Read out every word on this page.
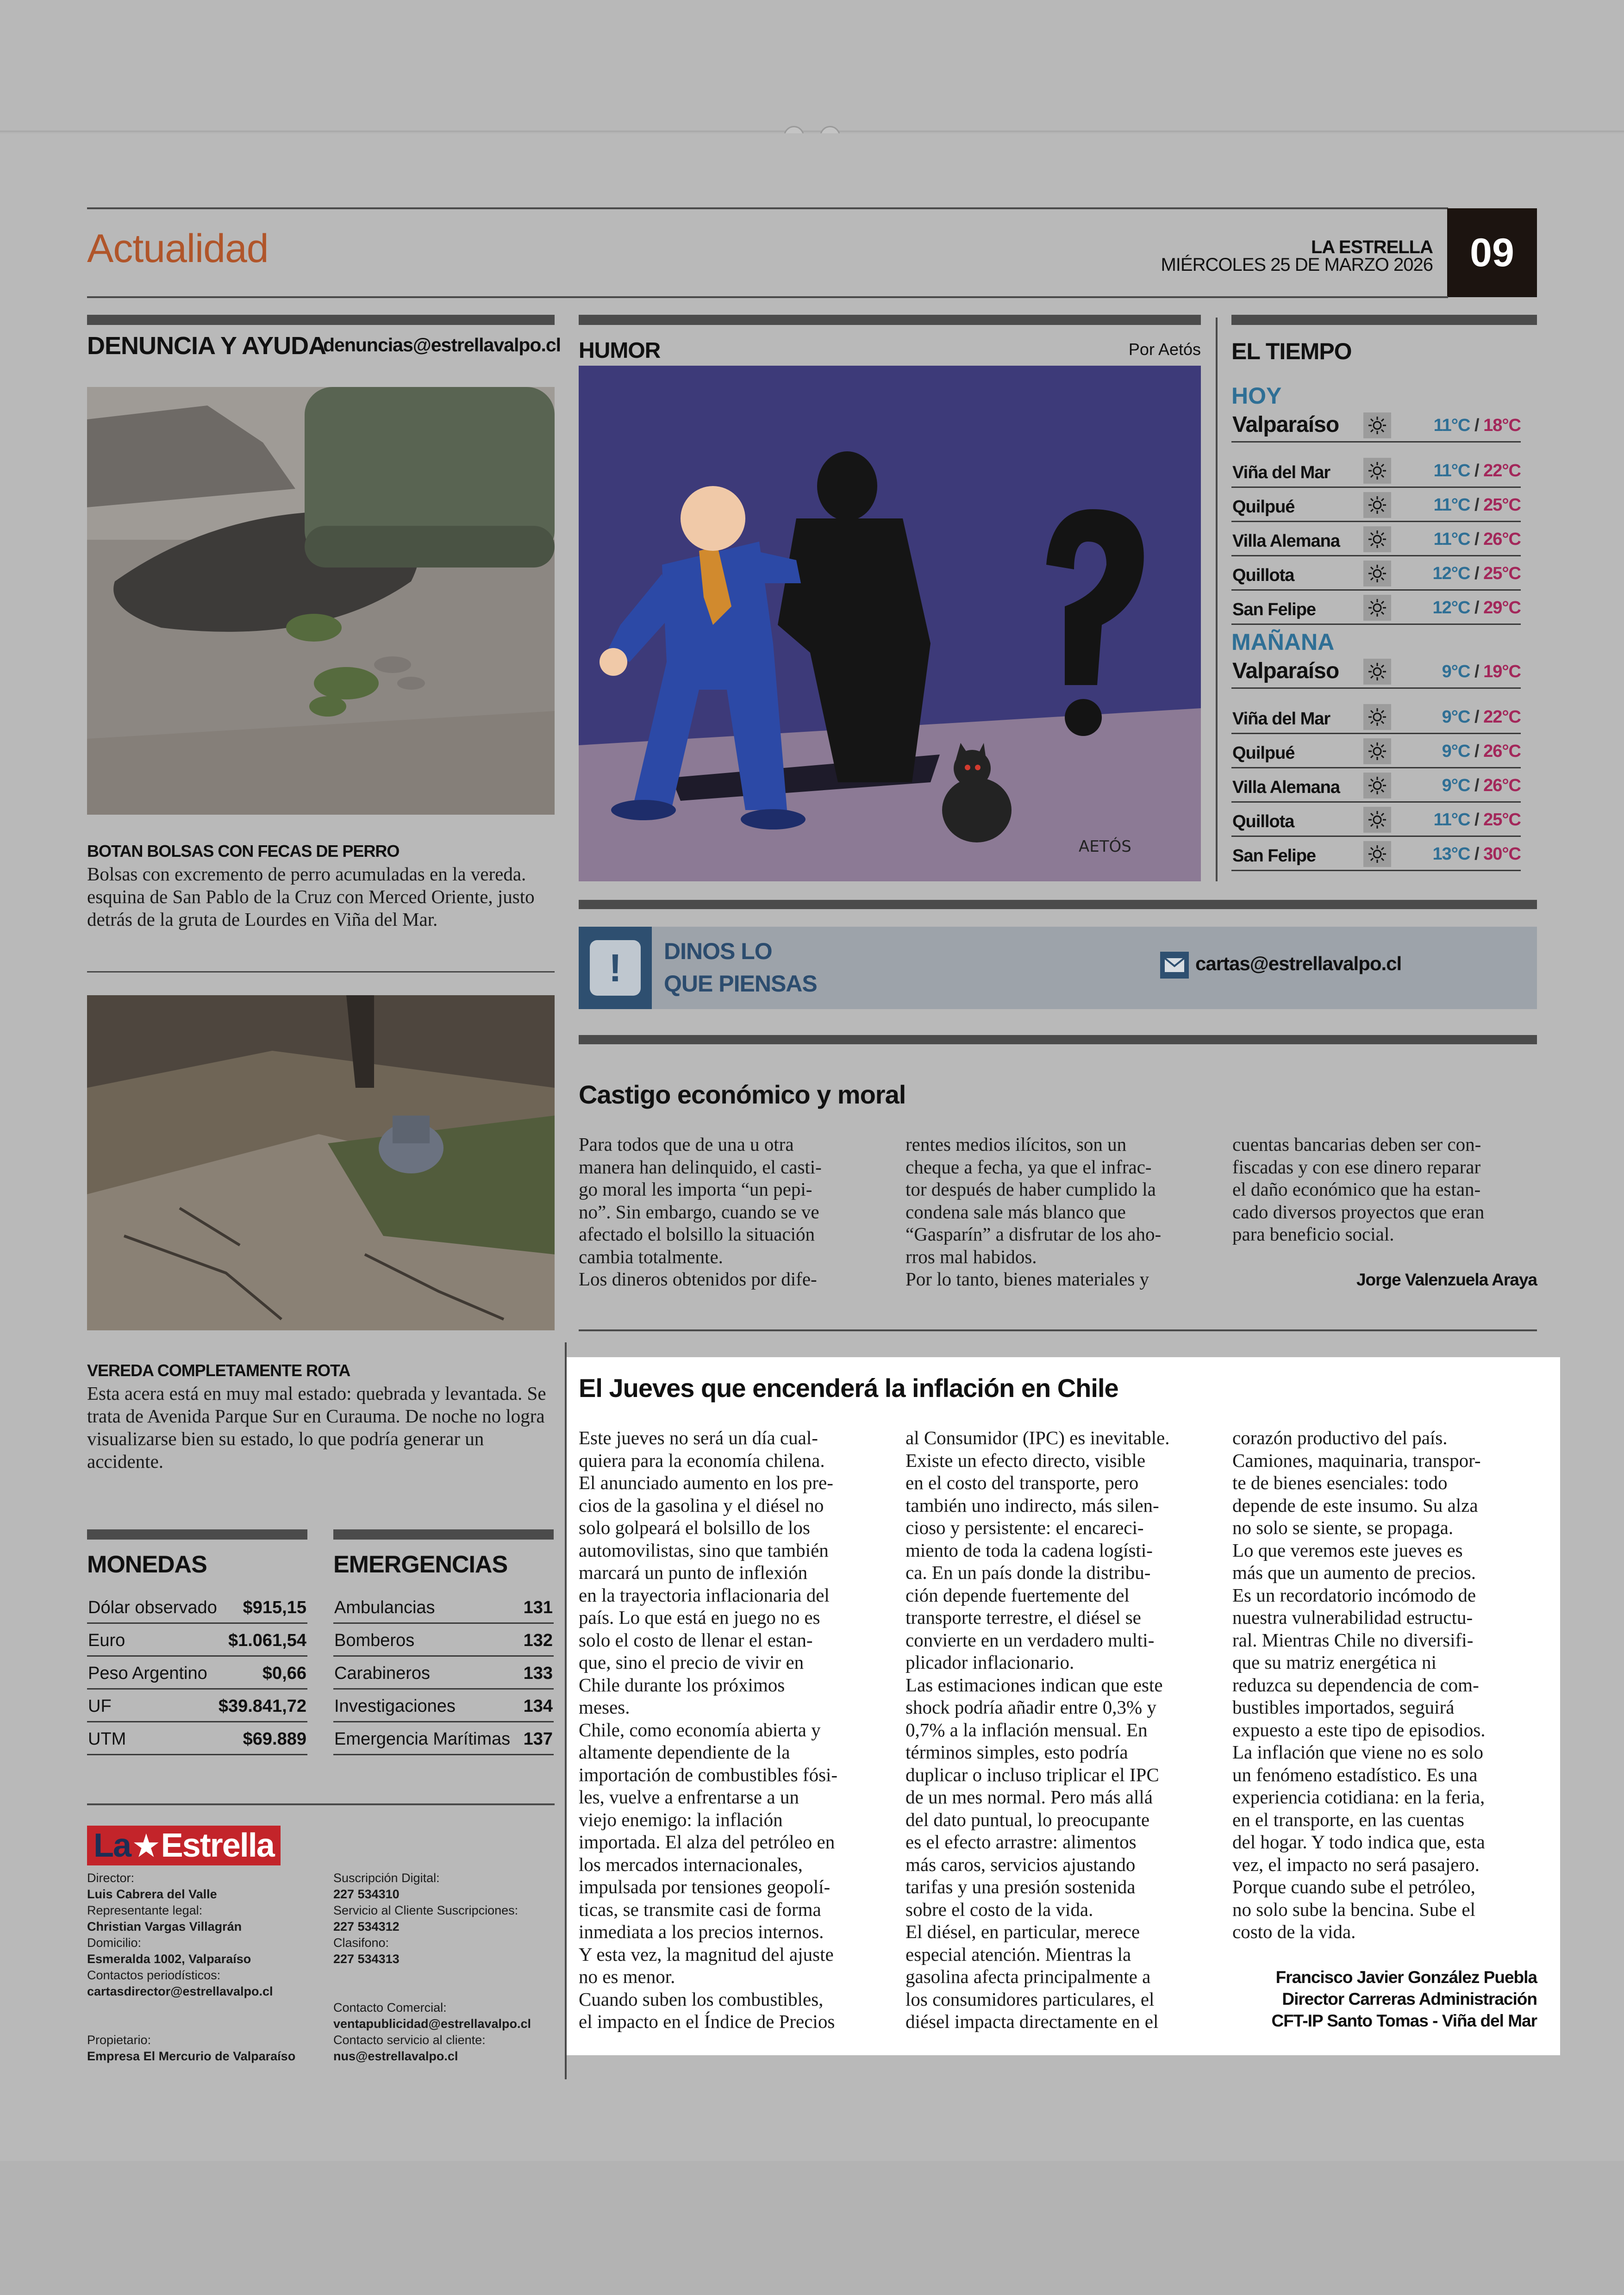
Actualidad	LA ESTRELLA
MIÉRCOLES 25 DE MARZO 2026 09
DENUNCIA Y AYUDA
denuncias@estrellavalpo.cl
BOTAN BOLSAS CON FECAS DE PERRO
Bolsas con excremento de perro acumuladas en la vereda. esquina de San Pablo de la Cruz con Merced Oriente, justo detrás de la gruta de Lourdes en Viña del Mar.
VEREDA COMPLETAMENTE ROTA
Esta acera está en muy mal estado: quebrada y levantada. Se trata de Avenida Parque Sur en Curauma. De noche no logra visualizarse bien su estado, lo que podría generar un accidente.
HUMOR	Por Aetós
AETÓS
EL TIEMPO
HOY
MAÑANA
Valparaíso	11°C / 18°C
Viña del Mar	11°C / 22°C
Quilpué	11°C / 25°C
Villa Alemana	11°C / 26°C
Quillota	12°C / 25°C
San Felipe	12°C / 29°C
Valparaíso	9°C / 19°C
Viña del Mar	9°C / 22°C
Quilpué	9°C / 26°C
Villa Alemana	9°C / 26°C
Quillota	11°C / 25°C
San Felipe	13°C / 30°C
!	DINOS LO
QUE PIENSAS
cartas@estrellavalpo.cl
Castigo económico y moral
Para todos que de una u otra
manera han delinquido, el casti-
go moral les importa “un pepi-
no”. Sin embargo, cuando se ve
afectado el bolsillo la situación
cambia totalmente.
Los dineros obtenidos por dife-
rentes medios ilícitos, son un
cheque a fecha, ya que el infrac-
tor después de haber cumplido la
condena sale más blanco que
“Gasparín” a disfrutar de los aho-
rros mal habidos.
Por lo tanto, bienes materiales y
cuentas bancarias deben ser con-
fiscadas y con ese dinero reparar
el daño económico que ha estan-
cado diversos proyectos que eran
para beneficio social.
Jorge Valenzuela Araya
El Jueves que encenderá la inflación en Chile
Este jueves no será un día cual-
quiera para la economía chilena.
El anunciado aumento en los pre-
cios de la gasolina y el diésel no
solo golpeará el bolsillo de los
automovilistas, sino que también
marcará un punto de inflexión
en la trayectoria inflacionaria del
país. Lo que está en juego no es
solo el costo de llenar el estan-
que, sino el precio de vivir en
Chile durante los próximos
meses.
Chile, como economía abierta y
altamente dependiente de la
importación de combustibles fósi-
les, vuelve a enfrentarse a un
viejo enemigo: la inflación
importada. El alza del petróleo en
los mercados internacionales,
impulsada por tensiones geopolí-
ticas, se transmite casi de forma
inmediata a los precios internos.
Y esta vez, la magnitud del ajuste
no es menor.
Cuando suben los combustibles,
el impacto en el Índice de Precios
al Consumidor (IPC) es inevitable.
Existe un efecto directo, visible
en el costo del transporte, pero
también uno indirecto, más silen-
cioso y persistente: el encareci-
miento de toda la cadena logísti-
ca. En un país donde la distribu-
ción depende fuertemente del
transporte terrestre, el diésel se
convierte en un verdadero multi-
plicador inflacionario.
Las estimaciones indican que este
shock podría añadir entre 0,3% y
0,7% a la inflación mensual. En
términos simples, esto podría
duplicar o incluso triplicar el IPC
de un mes normal. Pero más allá
del dato puntual, lo preocupante
es el efecto arrastre: alimentos
más caros, servicios ajustando
tarifas y una presión sostenida
sobre el costo de la vida.
El diésel, en particular, merece
especial atención. Mientras la
gasolina afecta principalmente a
los consumidores particulares, el
diésel impacta directamente en el
corazón productivo del país.
Camiones, maquinaria, transpor-
te de bienes esenciales: todo
depende de este insumo. Su alza
no solo se siente, se propaga.
Lo que veremos este jueves es
más que un aumento de precios.
Es un recordatorio incómodo de
nuestra vulnerabilidad estructu-
ral. Mientras Chile no diversifi-
que su matriz energética ni
reduzca su dependencia de com-
bustibles importados, seguirá
expuesto a este tipo de episodios.
La inflación que viene no es solo
un fenómeno estadístico. Es una
experiencia cotidiana: en la feria,
en el transporte, en las cuentas
del hogar. Y todo indica que, esta
vez, el impacto no será pasajero.
Porque cuando sube el petróleo,
no solo sube la bencina. Sube el
costo de la vida.
Francisco Javier González Puebla
Director Carreras Administración
CFT-IP Santo Tomas - Viña del Mar
MONEDAS	EMERGENCIAS
Dólar observado $915,15
Euro	$1.061,54
Peso Argentino	$0,66
UF	$39.841,72
UTM	$69.889
Ambulancias	131
Bomberos	132
Carabineros	133
Investigaciones	134
Emergencia Marítimas 137
La ★ Estrella
Director:
Luis Cabrera del Valle
Representante legal:
Christian Vargas Villagrán
Domicilio:
Esmeralda 1002, Valparaíso
Contactos periodísticos:
cartasdirector@estrellavalpo.cl
Propietario:
Empresa El Mercurio de Valparaíso
Suscripción Digital:
227 534310
Servicio al Cliente Suscripciones:
227 534312
Clasifono:
227 534313
Contacto Comercial:
ventapublicidad@estrellavalpo.cl
Contacto servicio al cliente:
nus@estrellavalpo.cl
